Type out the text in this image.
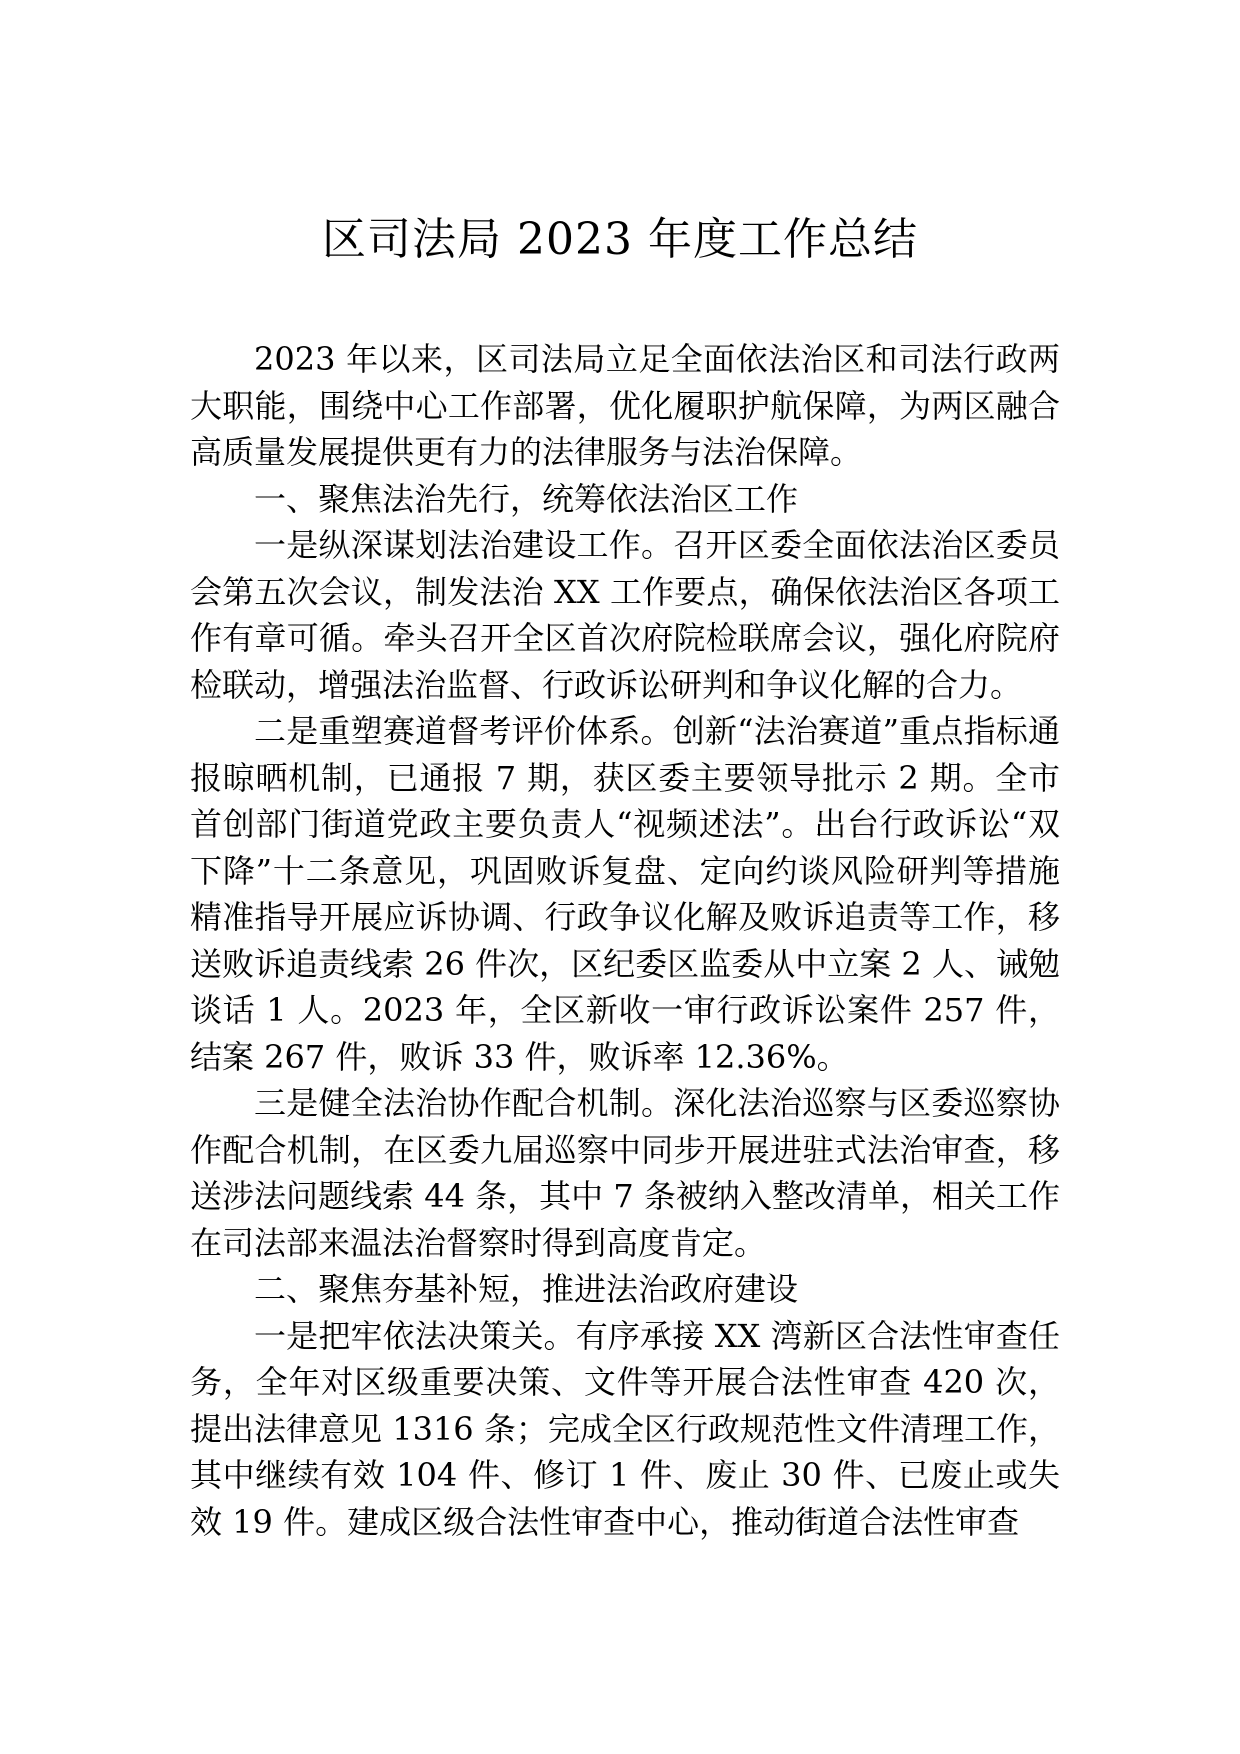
区司法局 2023 年度工作总结

2023 年以来，区司法局立足全面依法治区和司法行政两大职能，围绕中心工作部署，优化履职护航保障，为两区融合高质量发展提供更有力的法律服务与法治保障。

一、聚焦法治先行，统筹依法治区工作

一是纵深谋划法治建设工作。召开区委全面依法治区委员会第五次会议，制发法治 XX 工作要点，确保依法治区各项工作有章可循。牵头召开全区首次府院检联席会议，强化府院府检联动，增强法治监督、行政诉讼研判和争议化解的合力。

二是重塑赛道督考评价体系。创新“法治赛道”重点指标通报晾晒机制，已通报 7 期，获区委主要领导批示 2 期。全市首创部门街道党政主要负责人“视频述法”。出台行政诉讼“双下降”十二条意见，巩固败诉复盘、定向约谈风险研判等措施精准指导开展应诉协调、行政争议化解及败诉追责等工作，移送败诉追责线索 26 件次，区纪委区监委从中立案 2 人、诫勉谈话 1 人。2023 年，全区新收一审行政诉讼案件 257 件，结案 267 件，败诉 33 件，败诉率 12.36%。

三是健全法治协作配合机制。深化法治巡察与区委巡察协作配合机制，在区委九届巡察中同步开展进驻式法治审查，移送涉法问题线索 44 条，其中 7 条被纳入整改清单，相关工作在司法部来温法治督察时得到高度肯定。

二、聚焦夯基补短，推进法治政府建设

一是把牢依法决策关。有序承接 XX 湾新区合法性审查任务，全年对区级重要决策、文件等开展合法性审查 420 次，提出法律意见 1316 条；完成全区行政规范性文件清理工作，其中继续有效 104 件、修订 1 件、废止 30 件、已废止或失效 19 件。建成区级合法性审查中心，推动街道合法性审查
